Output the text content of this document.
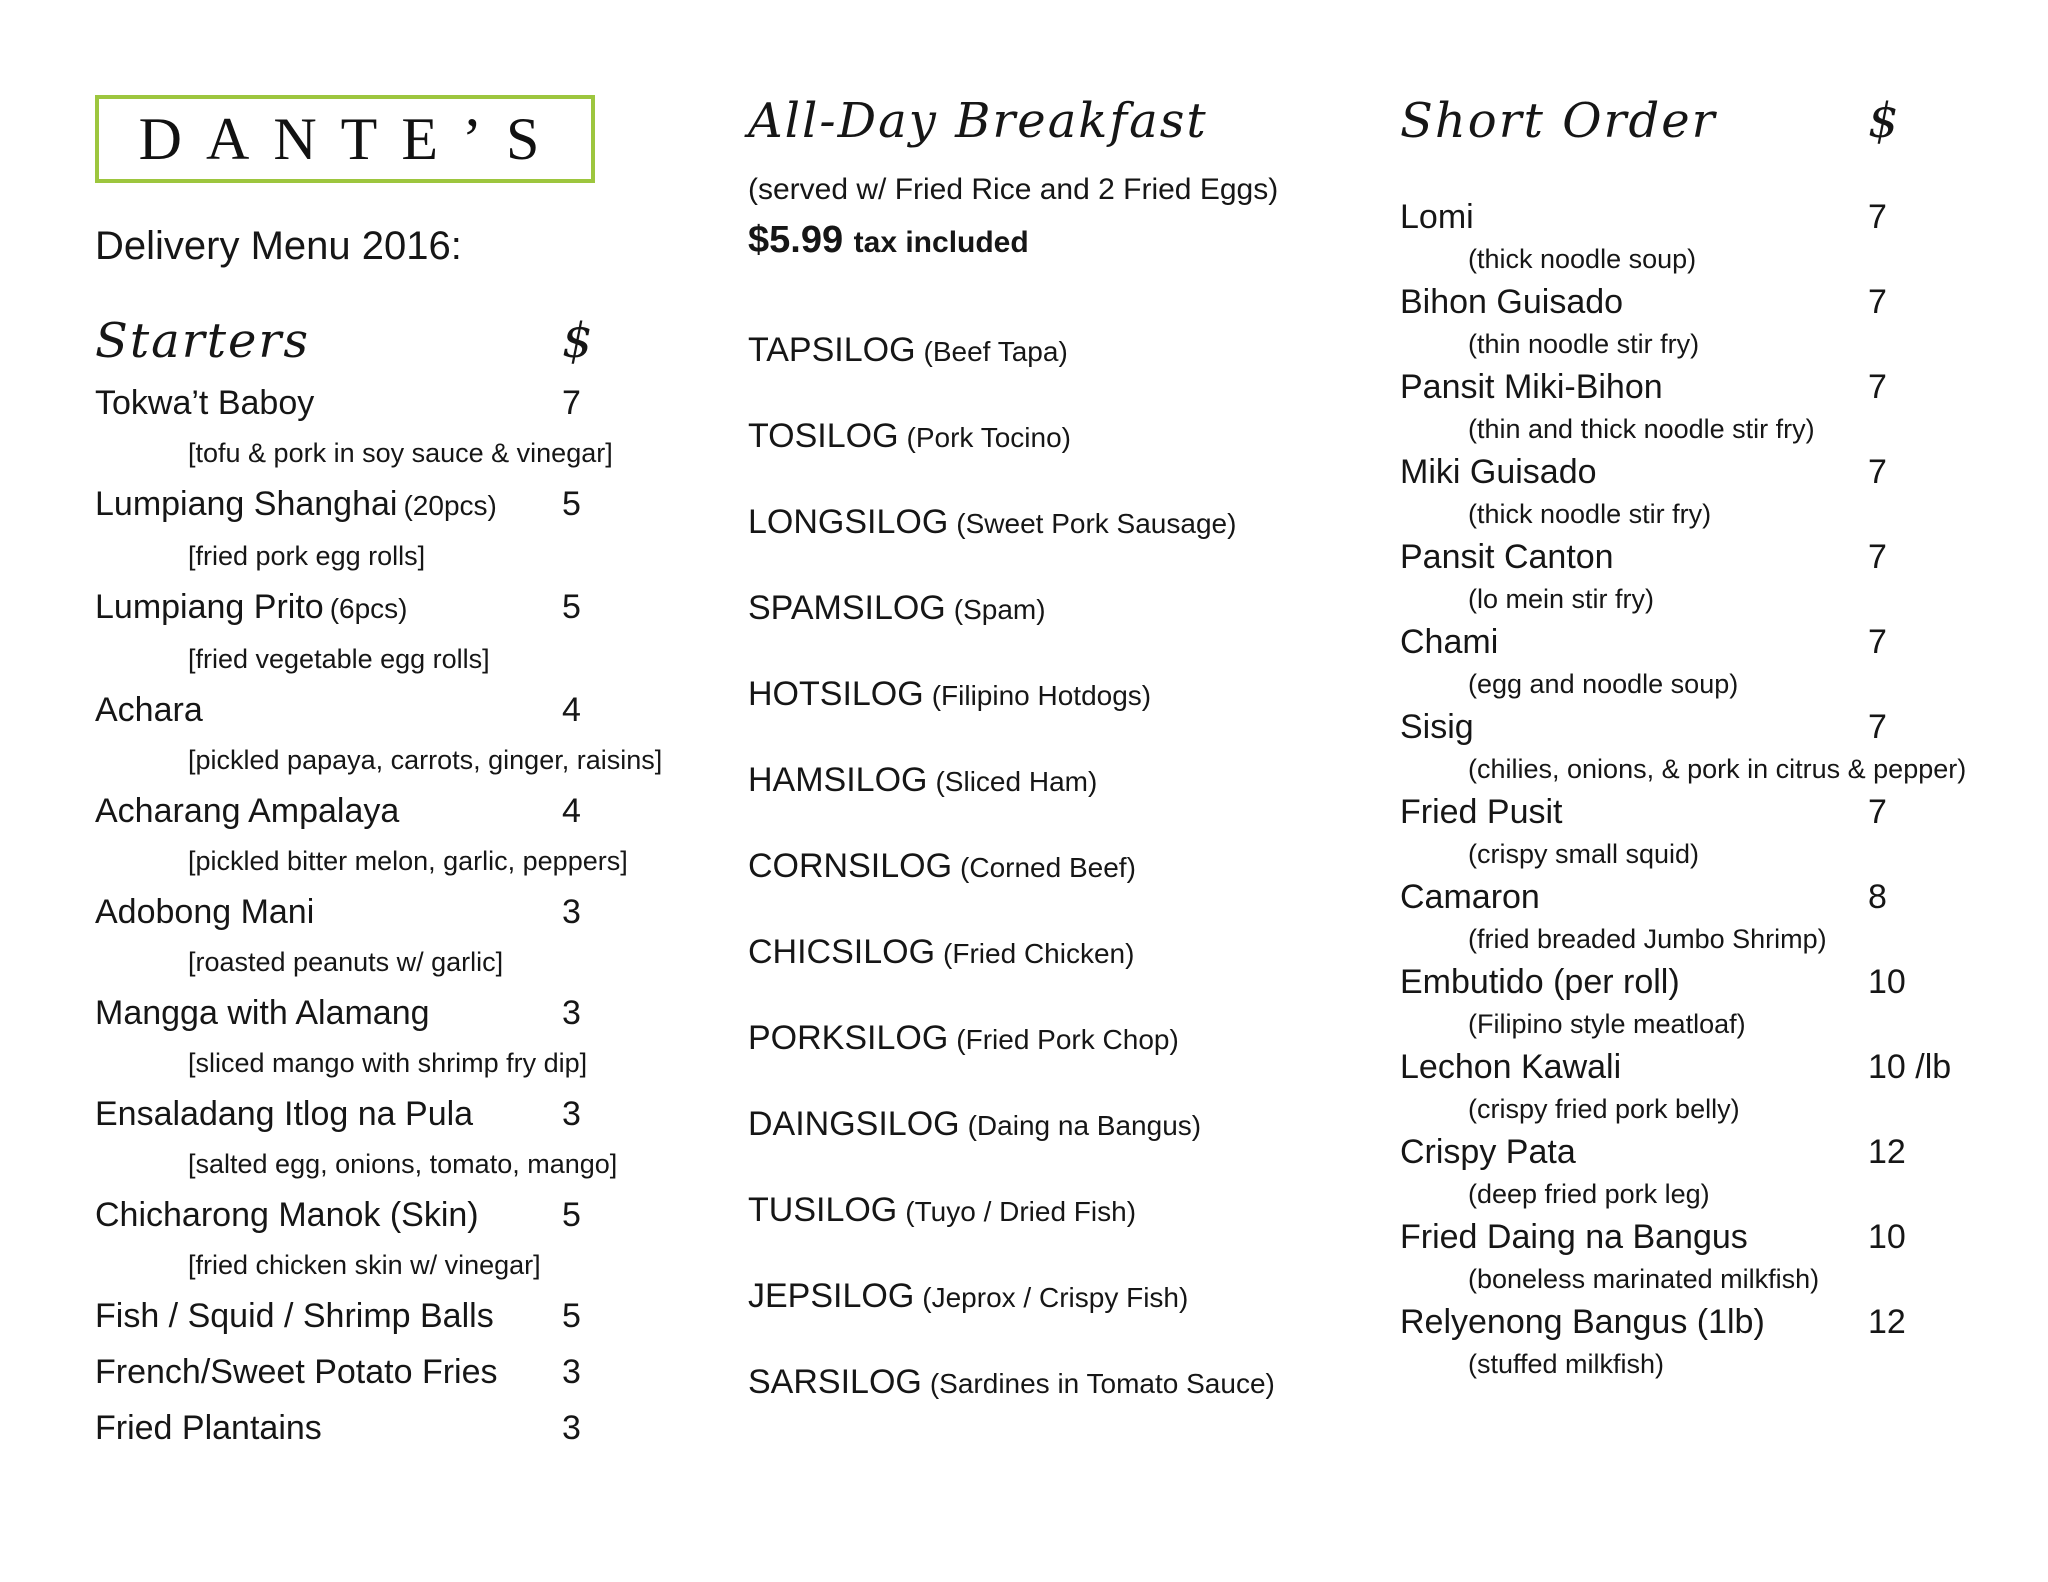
DANTE’S
Delivery Menu 2016:
Starters	$
Tokwa’t Baboy	7
[tofu & pork in soy sauce & vinegar]
Lumpiang Shanghai (20pcs) 5
[fried pork egg rolls]
Lumpiang Prito (6pcs)	5
[fried vegetable egg rolls]
Achara	4
[pickled papaya, carrots, ginger, raisins]
Acharang Ampalaya	4
[pickled bitter melon, garlic, peppers]
Adobong Mani	3
[roasted peanuts w/ garlic]
Mangga with Alamang	3
[sliced mango with shrimp fry dip]
Ensaladang Itlog na Pula	3
[salted egg, onions, tomato, mango]
Chicharong Manok (Skin) 5
[fried chicken skin w/ vinegar]
Fish / Squid / Shrimp Balls 5
French/Sweet Potato Fries 3
Fried Plantains	3
All-Day Breakfast
(served w/ Fried Rice and 2 Fried Eggs)
$5.99 tax included
TAPSILOG (Beef Tapa)
TOSILOG (Pork Tocino)
LONGSILOG (Sweet Pork Sausage)
SPAMSILOG (Spam)
HOTSILOG (Filipino Hotdogs)
HAMSILOG (Sliced Ham)
CORNSILOG (Corned Beef)
CHICSILOG (Fried Chicken)
PORKSILOG (Fried Pork Chop)
DAINGSILOG (Daing na Bangus)
TUSILOG (Tuyo / Dried Fish)
JEPSILOG (Jeprox / Crispy Fish)
SARSILOG (Sardines in Tomato Sauce)
Short Order	$
Lomi	7
(thick noodle soup)
Bihon Guisado	7
(thin noodle stir fry)
Pansit Miki-Bihon	7
(thin and thick noodle stir fry)
Miki Guisado	7
(thick noodle stir fry)
Pansit Canton	7
(lo mein stir fry)
Chami	7
(egg and noodle soup)
Sisig	7
(chilies, onions, & pork in citrus & pepper)
Fried Pusit	7
(crispy small squid)
Camaron	8
(fried breaded Jumbo Shrimp)
Embutido (per roll)	10
(Filipino style meatloaf)
Lechon Kawali	10 /lb
(crispy fried pork belly)
Crispy Pata	12
(deep fried pork leg)
Fried Daing na Bangus	10
(boneless marinated milkfish)
Relyenong Bangus (1lb)	12
(stuffed milkfish)
